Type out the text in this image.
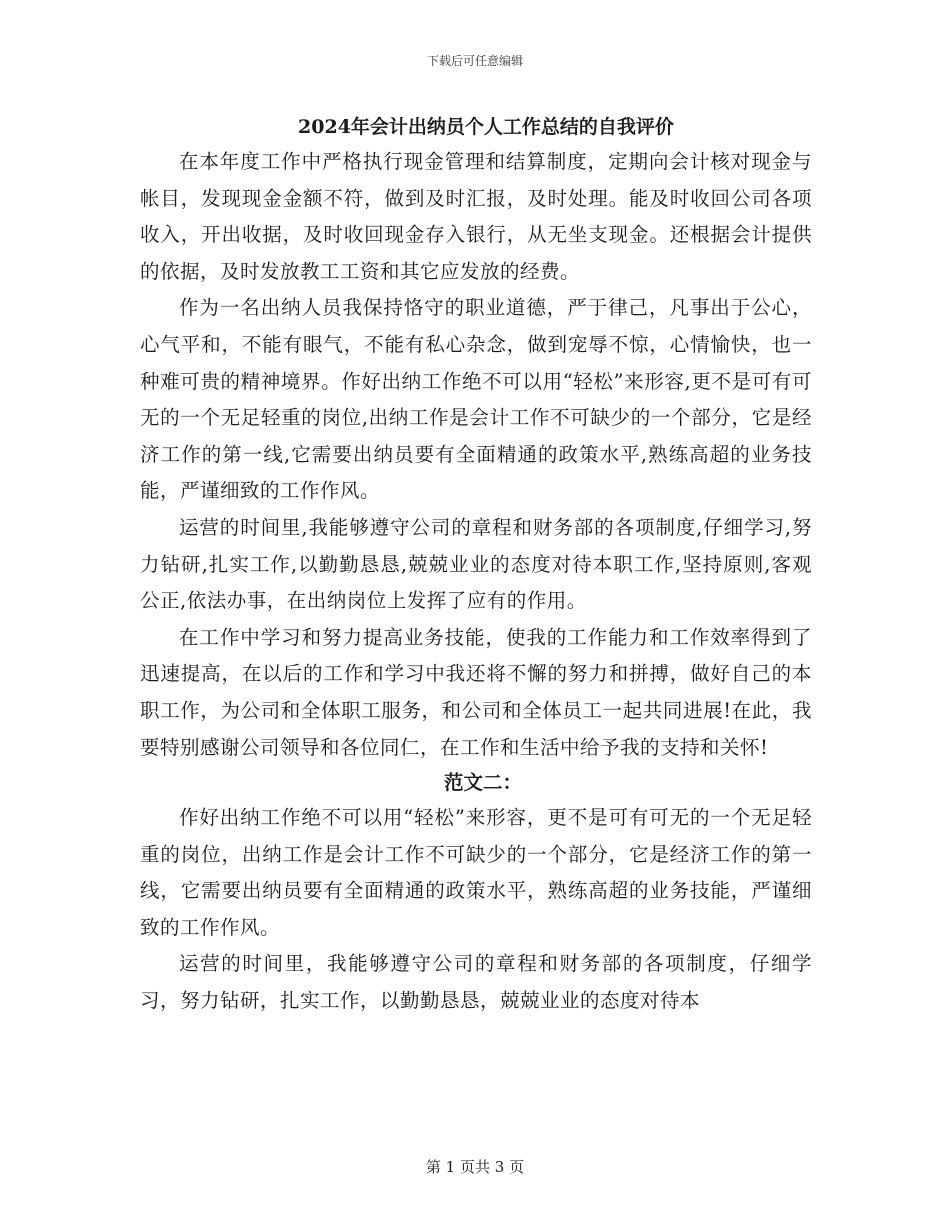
下载后可任意编辑
2024年会计出纳员个人工作总结的自我评价

在本年度工作中严格执行现金管理和结算制度，定期向会计核对现金与帐目，发现现金金额不符，做到及时汇报，及时处理。能及时收回公司各项收入，开出收据，及时收回现金存入银行，从无坐支现金。还根据会计提供的依据，及时发放教工工资和其它应发放的经费。

作为一名出纳人员我保持恪守的职业道德，严于律己，凡事出于公心，心气平和，不能有眼气，不能有私心杂念，做到宠辱不惊，心情愉快，也一种难可贵的精神境界。作好出纳工作绝不可以用“轻松”来形容,更不是可有可无的一个无足轻重的岗位,出纳工作是会计工作不可缺少的一个部分，它是经济工作的第一线,它需要出纳员要有全面精通的政策水平,熟练高超的业务技能，严谨细致的工作作风。

运营的时间里,我能够遵守公司的章程和财务部的各项制度,仔细学习,努力钻研,扎实工作,以勤勤恳恳,兢兢业业的态度对待本职工作,坚持原则,客观公正,依法办事，在出纳岗位上发挥了应有的作用。

在工作中学习和努力提高业务技能，使我的工作能力和工作效率得到了迅速提高，在以后的工作和学习中我还将不懈的努力和拼搏，做好自己的本职工作，为公司和全体职工服务，和公司和全体员工一起共同进展!在此，我要特别感谢公司领导和各位同仁，在工作和生活中给予我的支持和关怀!

范文二：

作好出纳工作绝不可以用“轻松”来形容，更不是可有可无的一个无足轻重的岗位，出纳工作是会计工作不可缺少的一个部分，它是经济工作的第一线，它需要出纳员要有全面精通的政策水平，熟练高超的业务技能，严谨细致的工作作风。

运营的时间里，我能够遵守公司的章程和财务部的各项制度，仔细学习，努力钻研，扎实工作，以勤勤恳恳，兢兢业业的态度对待本

第 1 页共 3 页
